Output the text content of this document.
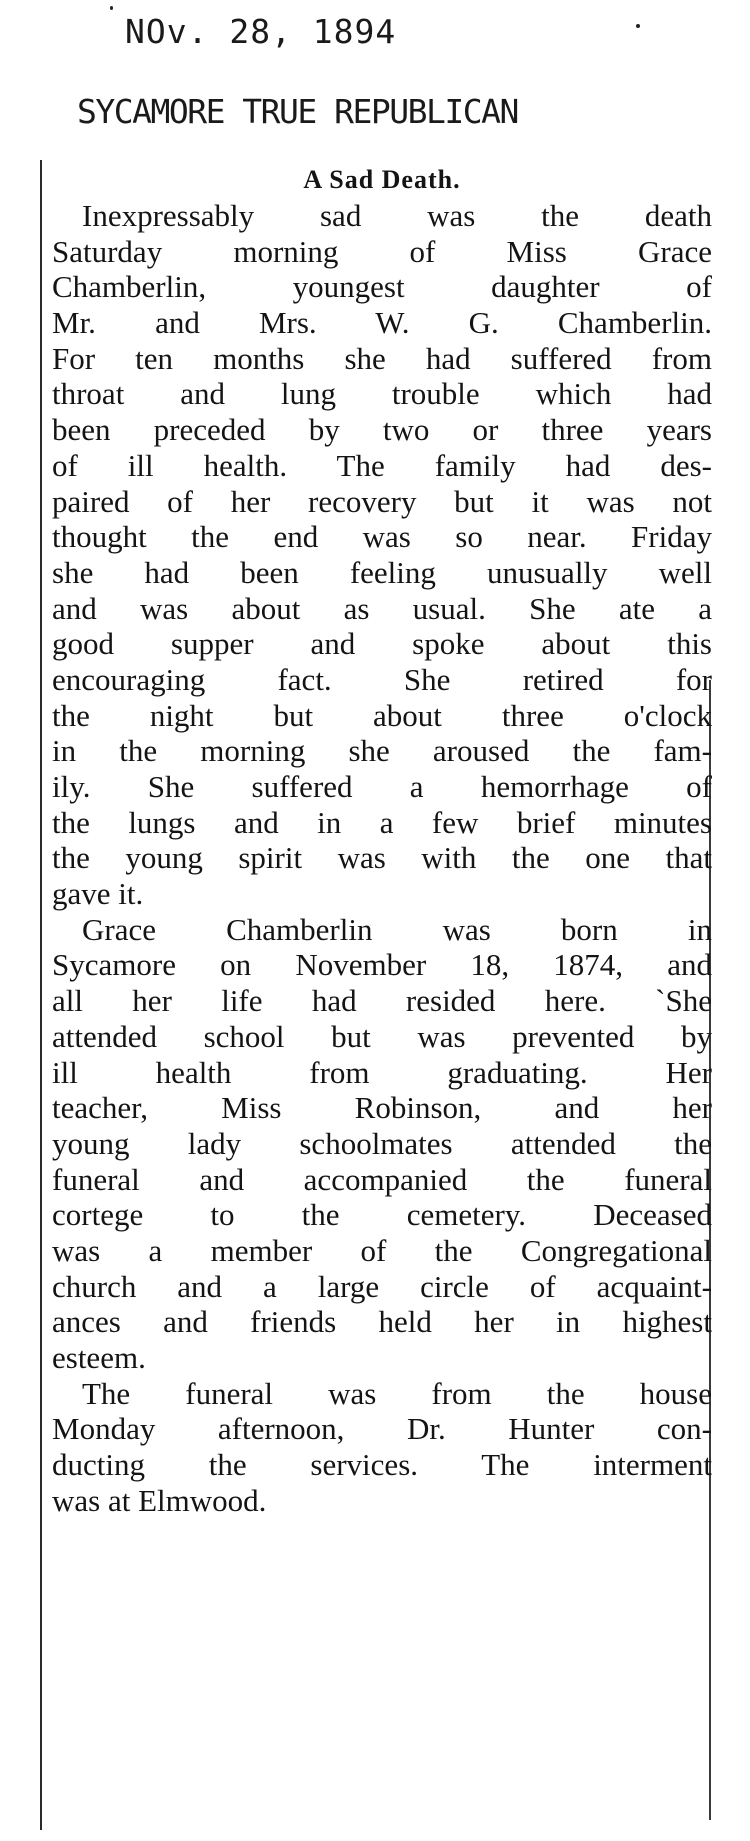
NOv. 28, 1894
SYCAMORE TRUE REPUBLICAN
A Sad Death.
Inexpressably sad was the death
Saturday morning of Miss Grace
Chamberlin, youngest daughter of
Mr. and Mrs. W. G. Chamberlin.
For ten months she had suffered from
throat and lung trouble which had
been preceded by two or three years
of ill health. The family had des-
paired of her recovery but it was not
thought the end was so near. Friday
she had been feeling unusually well
and was about as usual. She ate a
good supper and spoke about this
encouraging fact. She retired for
the night but about three o'clock
in the morning she aroused the fam-
ily. She suffered a hemorrhage of
the lungs and in a few brief minutes
the young spirit was with the one that
gave it.
Grace Chamberlin was born in
Sycamore on November 18, 1874, and
all her life had resided here. `She
attended school but was prevented by
ill health from graduating. Her
teacher, Miss Robinson, and her
young lady schoolmates attended the
funeral and accompanied the funeral
cortege to the cemetery. Deceased
was a member of the Congregational
church and a large circle of acquaint-
ances and friends held her in highest
esteem.
The funeral was from the house
Monday afternoon, Dr. Hunter con-
ducting the services. The interment
was at Elmwood.
